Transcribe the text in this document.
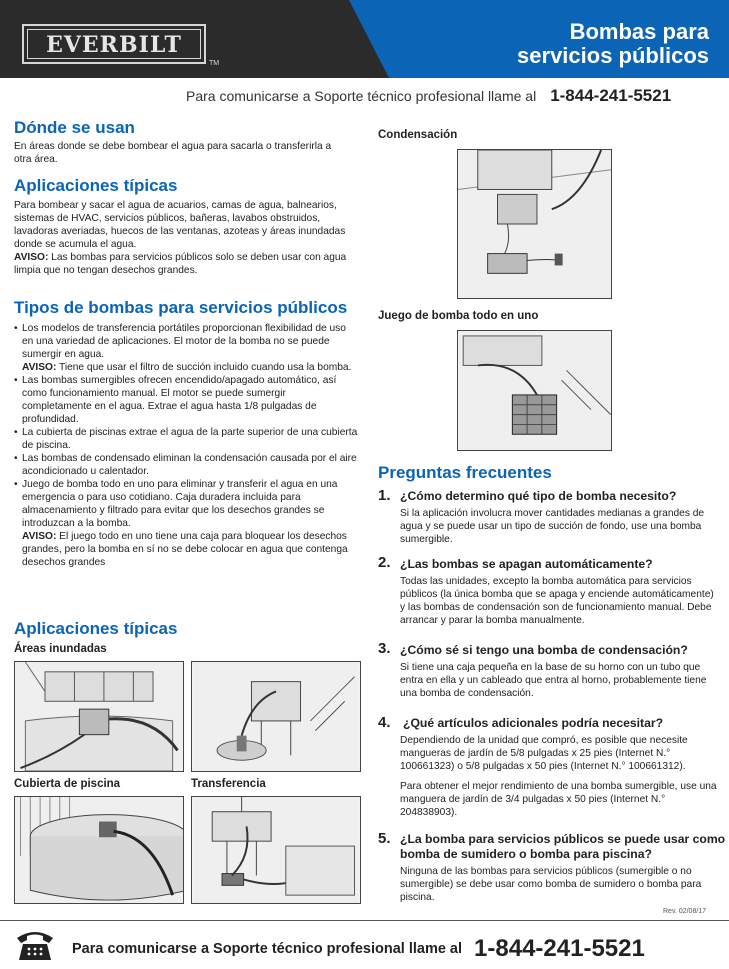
EVERBILT
TM
Bombas para
servicios públicos
Para comunicarse a Soporte técnico profesional llame al 1-844-241-5521
Dónde se usan

En áreas donde se debe bombear el agua para sacarla o transferirla a otra área.

Aplicaciones típicas

Para bombear y sacar el agua de acuarios, camas de agua, balnearios, sistemas de HVAC, servicios públicos, bañeras, lavabos obstruidos, lavadoras averiadas, huecos de las ventanas, azoteas y áreas inundadas donde se acumula el agua.

AVISO: Las bombas para servicios públicos solo se deben usar con agua limpia que no tengan desechos grandes.

Tipos de bombas para servicios públicos

• Los modelos de transferencia portátiles proporcionan flexibilidad de uso en una variedad de aplicaciones. El motor de la bomba no se puede sumergir en agua.

AVISO: Tiene que usar el filtro de succión incluido cuando usa la bomba.

• Las bombas sumergibles ofrecen encendido/apagado automático, así como funcionamiento manual. El motor se puede sumergir completamente en el agua. Extrae el agua hasta 1/8 pulgadas de profundidad.

• La cubierta de piscinas extrae el agua de la parte superior de una cubierta de piscina.

• Las bombas de condensado eliminan la condensación causada por el aire acondicionado u calentador.

• Juego de bomba todo en uno para eliminar y transferir el agua en una emergencia o para uso cotidiano. Caja duradera incluida para almacenamiento y filtrado para evitar que los desechos grandes se introduzcan a la bomba.

AVISO: El juego todo en uno tiene una caja para bloquear los desechos grandes, pero la bomba en sí no se debe colocar en agua que contenga desechos grandes

Aplicaciones típicas
Áreas inundadas
Cubierta de piscina	Transferencia
Condensación
Juego de bomba todo en uno
Preguntas frecuentes
1. ¿Cómo determino qué tipo de bomba necesito?

Si la aplicación involucra mover cantidades medianas a grandes de agua y se puede usar un tipo de succión de fondo, use una bomba sumergible.

2. ¿Las bombas se apagan automáticamente?

Todas las unidades, excepto la bomba automática para servicios públicos (la única bomba que se apaga y enciende automáticamente) y las bombas de condensación son de funcionamiento manual. Debe arrancar y parar la bomba manualmente.

3. ¿Cómo sé si tengo una bomba de condensación?

Si tiene una caja pequeña en la base de su horno con un tubo que entra en ella y un cableado que entra al horno, probablemente tiene una bomba de condensación.

4. ¿Qué artículos adicionales podría necesitar?

Dependiendo de la unidad que compró, es posible que necesite mangueras de jardín de 5/8 pulgadas x 25 pies (Internet N.° 100661323) o 5/8 pulgadas x 50 pies (Internet N.° 100661312).

Para obtener el mejor rendimiento de una bomba sumergible, use una manguera de jardín de 3/4 pulgadas x 50 pies (Internet N.° 204838903).

5. ¿La bomba para servicios públicos se puede usar como bomba de sumidero o bomba para piscina?

Ninguna de las bombas para servicios públicos (sumergible o no sumergible) se debe usar como bomba de sumidero o bomba para piscina.

Rev. 02/08/17
Para comunicarse a Soporte técnico profesional llame al 1-844-241-5521
